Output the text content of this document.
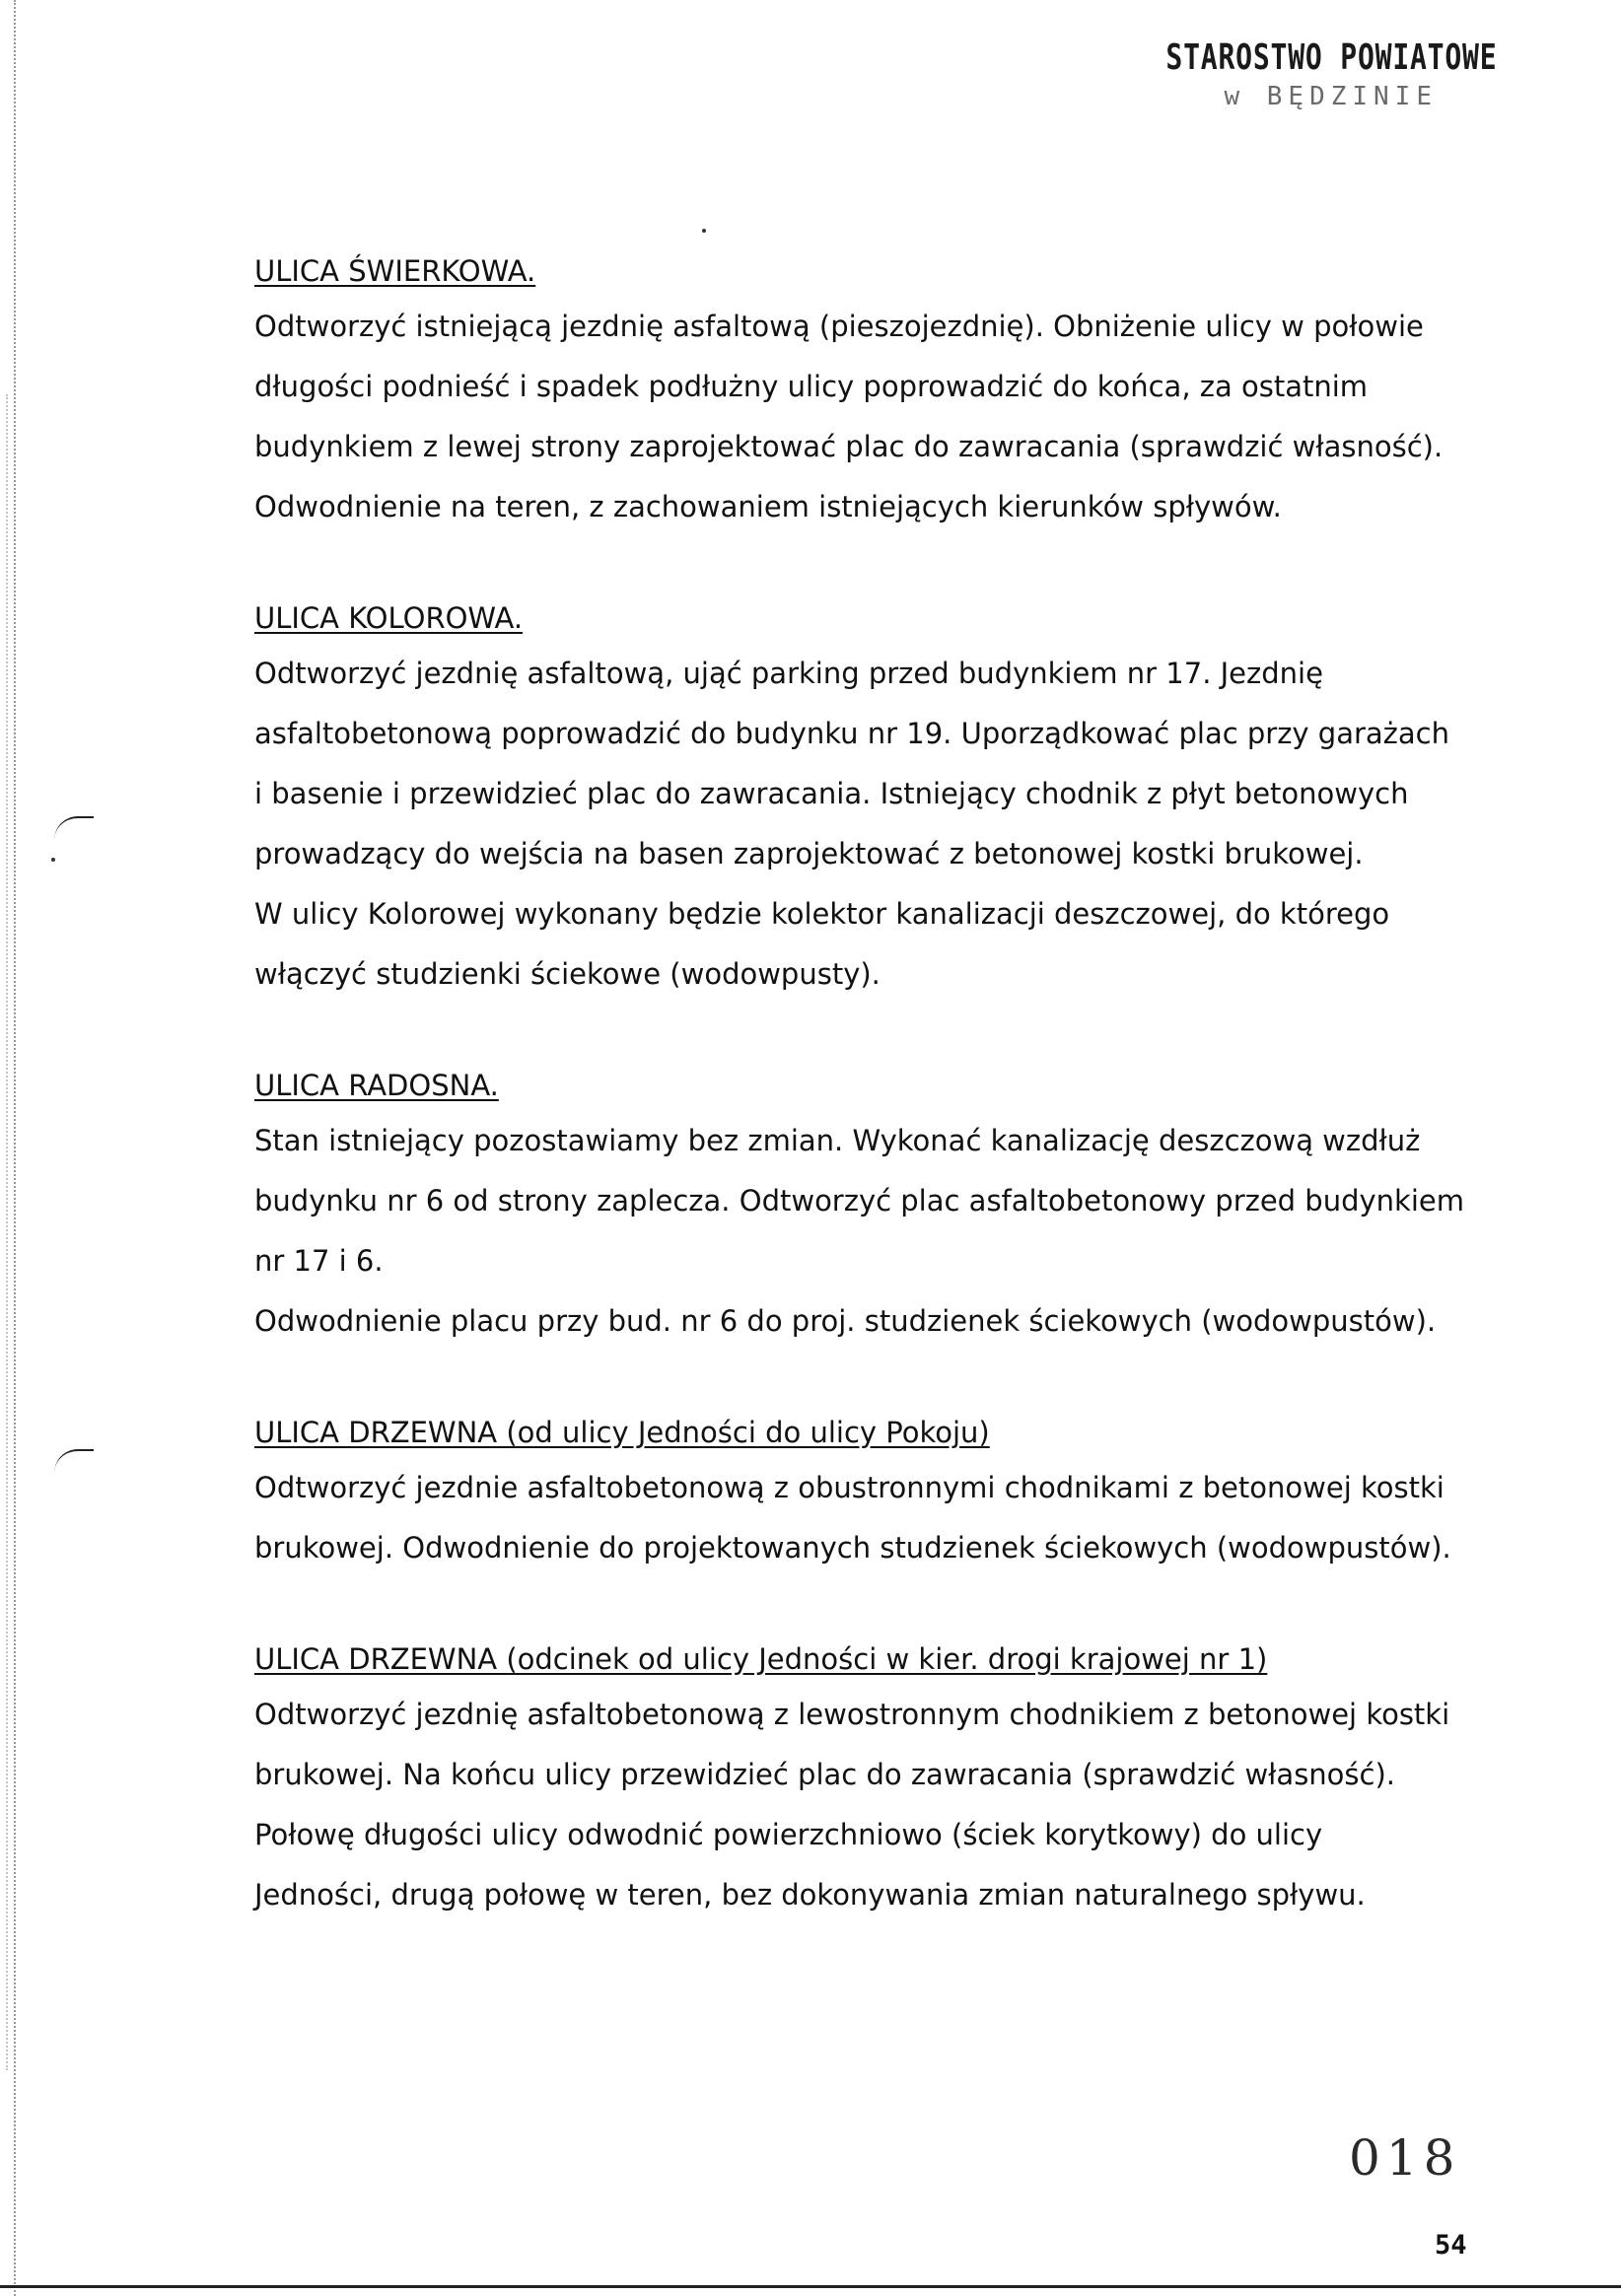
STAROSTWO POWIATOWE
w BĘDZINIE
ULICA ŚWIERKOWA.
Odtworzyć istniejącą jezdnię asfaltową (pieszojezdnię). Obniżenie ulicy w połowie
długości podnieść i spadek podłużny ulicy poprowadzić do końca, za ostatnim
budynkiem z lewej strony zaprojektować plac do zawracania (sprawdzić własność).
Odwodnienie na teren, z zachowaniem istniejących kierunków spływów.
ULICA KOLOROWA.
Odtworzyć jezdnię asfaltową, ująć parking przed budynkiem nr 17. Jezdnię
asfaltobetonową poprowadzić do budynku nr 19. Uporządkować plac przy garażach
i basenie i przewidzieć plac do zawracania. Istniejący chodnik z płyt betonowych
prowadzący do wejścia na basen zaprojektować z betonowej kostki brukowej.
W ulicy Kolorowej wykonany będzie kolektor kanalizacji deszczowej, do którego
włączyć studzienki ściekowe (wodowpusty).
ULICA RADOSNA.
Stan istniejący pozostawiamy bez zmian. Wykonać kanalizację deszczową wzdłuż
budynku nr 6 od strony zaplecza. Odtworzyć plac asfaltobetonowy przed budynkiem
nr 17 i 6.
Odwodnienie placu przy bud. nr 6 do proj. studzienek ściekowych (wodowpustów).
ULICA DRZEWNA (od ulicy Jedności do ulicy Pokoju)
Odtworzyć jezdnie asfaltobetonową z obustronnymi chodnikami z betonowej kostki
brukowej. Odwodnienie do projektowanych studzienek ściekowych (wodowpustów).
ULICA DRZEWNA (odcinek od ulicy Jedności w kier. drogi krajowej nr 1)
Odtworzyć jezdnię asfaltobetonową z lewostronnym chodnikiem z betonowej kostki
brukowej. Na końcu ulicy przewidzieć plac do zawracania (sprawdzić własność).
Połowę długości ulicy odwodnić powierzchniowo (ściek korytkowy) do ulicy
Jedności, drugą połowę w teren, bez dokonywania zmian naturalnego spływu.
018
54
